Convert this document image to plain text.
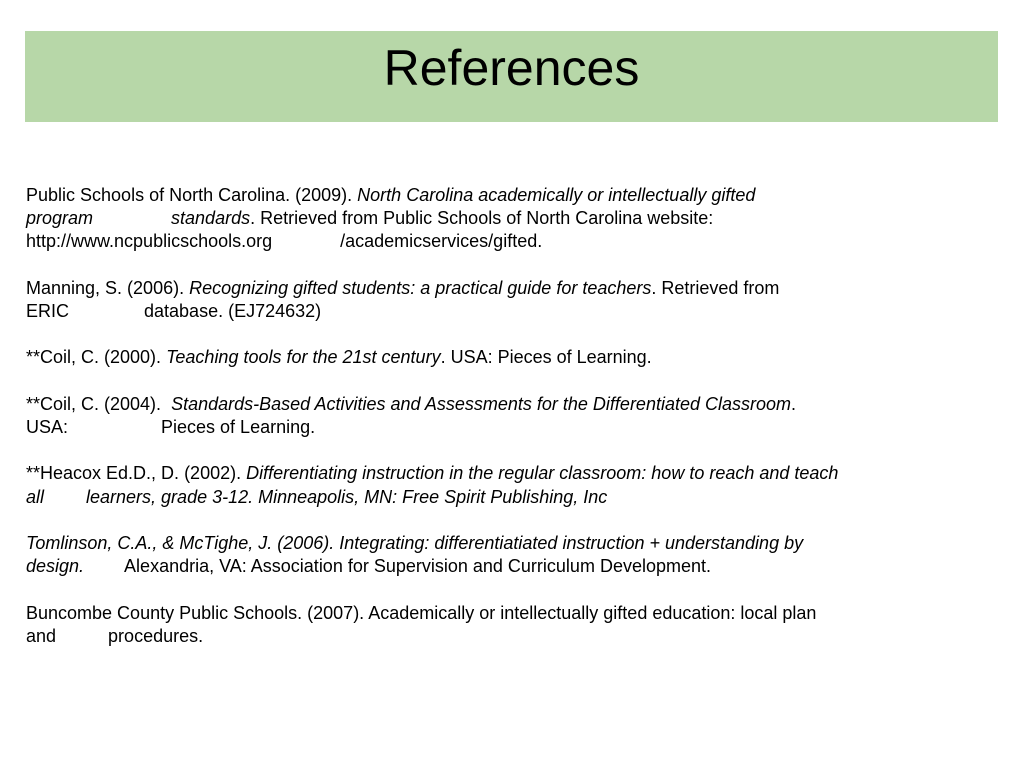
References
Public Schools of North Carolina. (2009). North Carolina academically or intellectually gifted
program	standards. Retrieved from Public Schools of North Carolina website:
http://www.ncpublicschools.org	/academicservices/gifted.
Manning, S. (2006). Recognizing gifted students: a practical guide for teachers. Retrieved from
ERIC	database. (EJ724632)
**Coil, C. (2000). Teaching tools for the 21st century. USA: Pieces of Learning.
**Coil, C. (2004).  Standards-Based Activities and Assessments for the Differentiated Classroom.
USA:	Pieces of Learning.
**Heacox Ed.D., D. (2002). Differentiating instruction in the regular classroom: how to reach and teach
all learners, grade 3-12. Minneapolis, MN: Free Spirit Publishing, Inc
Tomlinson, C.A., & McTighe, J. (2006). Integrating: differentiatiated instruction + understanding by
design. Alexandria, VA: Association for Supervision and Curriculum Development.
Buncombe County Public Schools. (2007). Academically or intellectually gifted education: local plan
and	procedures.
